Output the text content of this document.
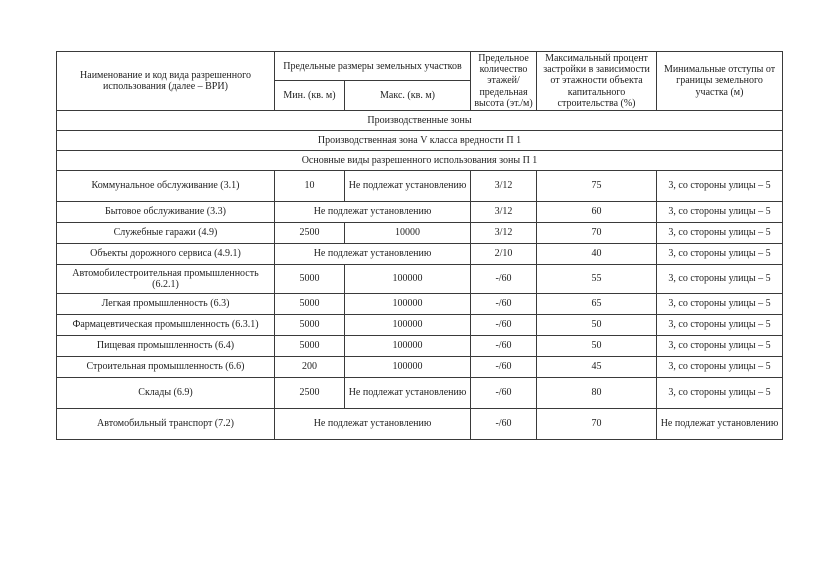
Наименование и код вида разрешенного использования (далее – ВРИ)	Предельные размеры земельных участков		Предельное количество этажей/ предельная высота (эт./м)	Максимальный процент застройки в зависимости от этажности объекта капитального строительства (%)	Минимальные отступы от границы земельного участка (м)
	Мин. (кв. м)	Макс. (кв. м)			
Производственные зоны					
Производственная зона V класса вредности П 1					
Основные виды разрешенного использования зоны П 1					
Коммунальное обслуживание (3.1)	10	Не подлежат установлению	3/12	75	3, со стороны улицы – 5
Бытовое обслуживание (3.3)	Не подлежат установлению		3/12	60	3, со стороны улицы – 5
Служебные гаражи (4.9)	2500	10000	3/12	70	3, со стороны улицы – 5
Объекты дорожного сервиса (4.9.1)	Не подлежат установлению		2/10	40	3, со стороны улицы – 5
Автомобилестроительная промышленность (6.2.1)	5000	100000	-/60	55	3, со стороны улицы – 5
Легкая промышленность (6.3)	5000	100000	-/60	65	3, со стороны улицы – 5
Фармацевтическая промышленность (6.3.1)	5000	100000	-/60	50	3, со стороны улицы – 5
Пищевая промышленность (6.4)	5000	100000	-/60	50	3, со стороны улицы – 5
Строительная промышленность (6.6)	200	100000	-/60	45	3, со стороны улицы – 5
Склады (6.9)	2500	Не подлежат установлению	-/60	80	3, со стороны улицы – 5
Автомобильный транспорт (7.2)	Не подлежат установлению		-/60	70	Не подлежат установлению
